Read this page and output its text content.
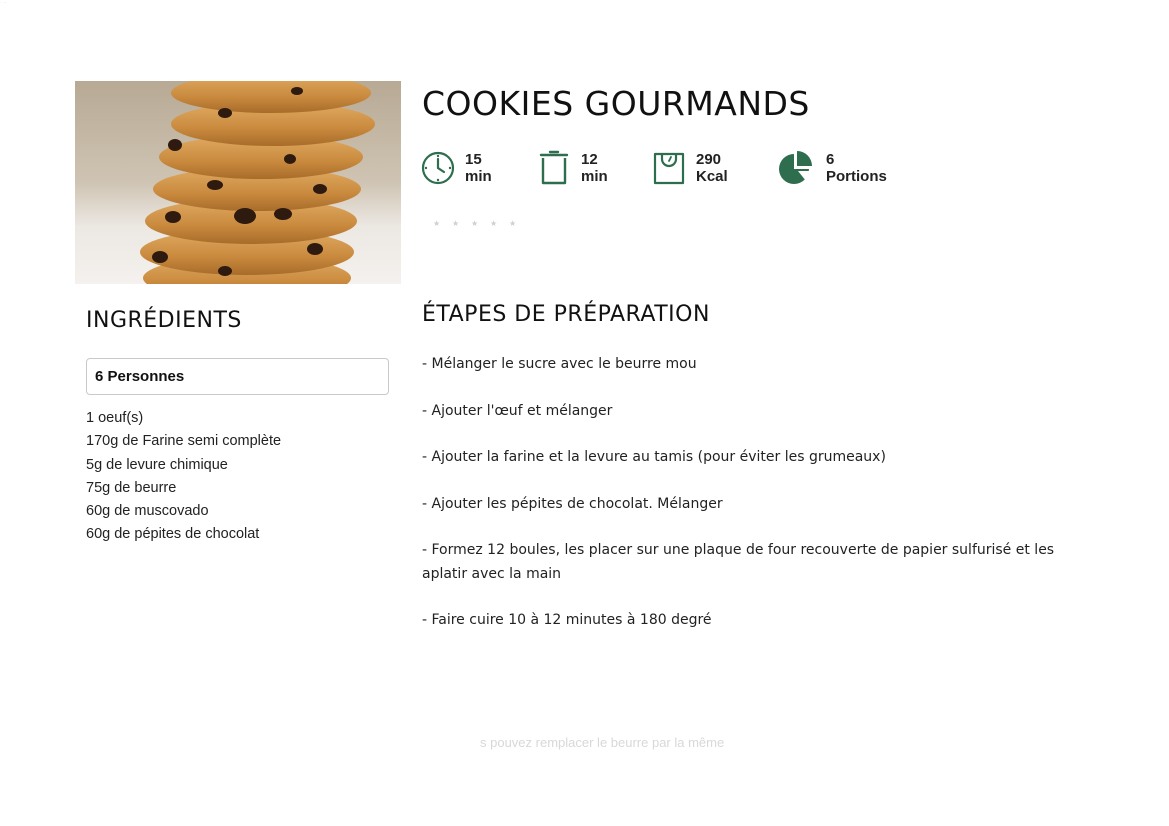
· -
COOKIES GOURMANDS
15 min
12 min
290 Kcal
6 Portions
★ ★ ★ ★ ★
INGRÉDIENTS
6 Personnes
1 oeuf(s)
170g de Farine semi complète
5g de levure chimique
75g de beurre
60g de muscovado
60g de pépites de chocolat
ÉTAPES DE PRÉPARATION
- Mélanger le sucre avec le beurre mou
- Ajouter l'œuf et mélanger
- Ajouter la farine et la levure au tamis (pour éviter les grumeaux)
- Ajouter les pépites de chocolat. Mélanger
- Formez 12 boules, les placer sur une plaque de four recouverte de papier sulfurisé et les aplatir avec la main
- Faire cuire 10 à 12 minutes à 180 degré
s pouvez remplacer le beurre par la même
